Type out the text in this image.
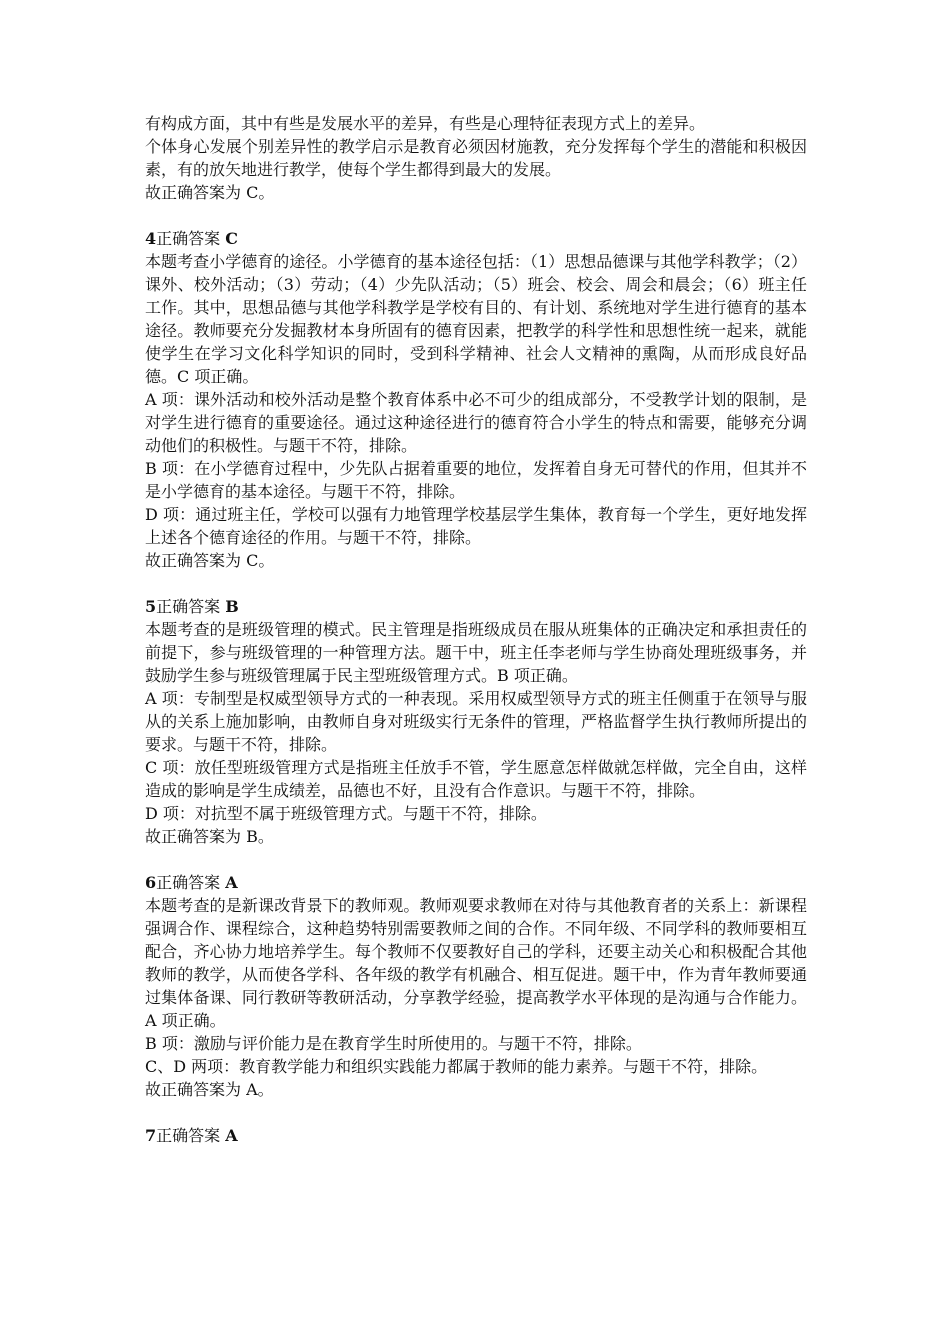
有构成方面，其中有些是发展水平的差异，有些是心理特征表现方式上的差异。

个体身心发展个别差异性的教学启示是教育必须因材施教，充分发挥每个学生的潜能和积极因素，有的放矢地进行教学，使每个学生都得到最大的发展。

故正确答案为 C。

4正确答案 C

本题考查小学德育的途径。小学德育的基本途径包括：（1）思想品德课与其他学科教学；（2）课外、校外活动；（3）劳动；（4）少先队活动；（5）班会、校会、周会和晨会；（6）班主任工作。其中，思想品德与其他学科教学是学校有目的、有计划、系统地对学生进行德育的基本途径。教师要充分发掘教材本身所固有的德育因素，把教学的科学性和思想性统一起来，就能使学生在学习文化科学知识的同时，受到科学精神、社会人文精神的熏陶，从而形成良好品德。C 项正确。

A 项：课外活动和校外活动是整个教育体系中必不可少的组成部分，不受教学计划的限制，是对学生进行德育的重要途径。通过这种途径进行的德育符合小学生的特点和需要，能够充分调动他们的积极性。与题干不符，排除。

B 项：在小学德育过程中，少先队占据着重要的地位，发挥着自身无可替代的作用，但其并不是小学德育的基本途径。与题干不符，排除。

D 项：通过班主任，学校可以强有力地管理学校基层学生集体，教育每一个学生，更好地发挥上述各个德育途径的作用。与题干不符，排除。

故正确答案为 C。

5正确答案 B

本题考查的是班级管理的模式。民主管理是指班级成员在服从班集体的正确决定和承担责任的前提下，参与班级管理的一种管理方法。题干中，班主任李老师与学生协商处理班级事务，并鼓励学生参与班级管理属于民主型班级管理方式。B 项正确。

A 项：专制型是权威型领导方式的一种表现。采用权威型领导方式的班主任侧重于在领导与服从的关系上施加影响，由教师自身对班级实行无条件的管理，严格监督学生执行教师所提出的要求。与题干不符，排除。

C 项：放任型班级管理方式是指班主任放手不管，学生愿意怎样做就怎样做，完全自由，这样造成的影响是学生成绩差，品德也不好，且没有合作意识。与题干不符，排除。

D 项：对抗型不属于班级管理方式。与题干不符，排除。

故正确答案为 B。

6正确答案 A

本题考查的是新课改背景下的教师观。教师观要求教师在对待与其他教育者的关系上：新课程强调合作、课程综合，这种趋势特别需要教师之间的合作。不同年级、不同学科的教师要相互配合，齐心协力地培养学生。每个教师不仅要教好自己的学科，还要主动关心和积极配合其他教师的教学，从而使各学科、各年级的教学有机融合、相互促进。题干中，作为青年教师要通过集体备课、同行教研等教研活动，分享教学经验，提高教学水平体现的是沟通与合作能力。A 项正确。

B 项：激励与评价能力是在教育学生时所使用的。与题干不符，排除。

C、D 两项：教育教学能力和组织实践能力都属于教师的能力素养。与题干不符，排除。

故正确答案为 A。

7正确答案 A
